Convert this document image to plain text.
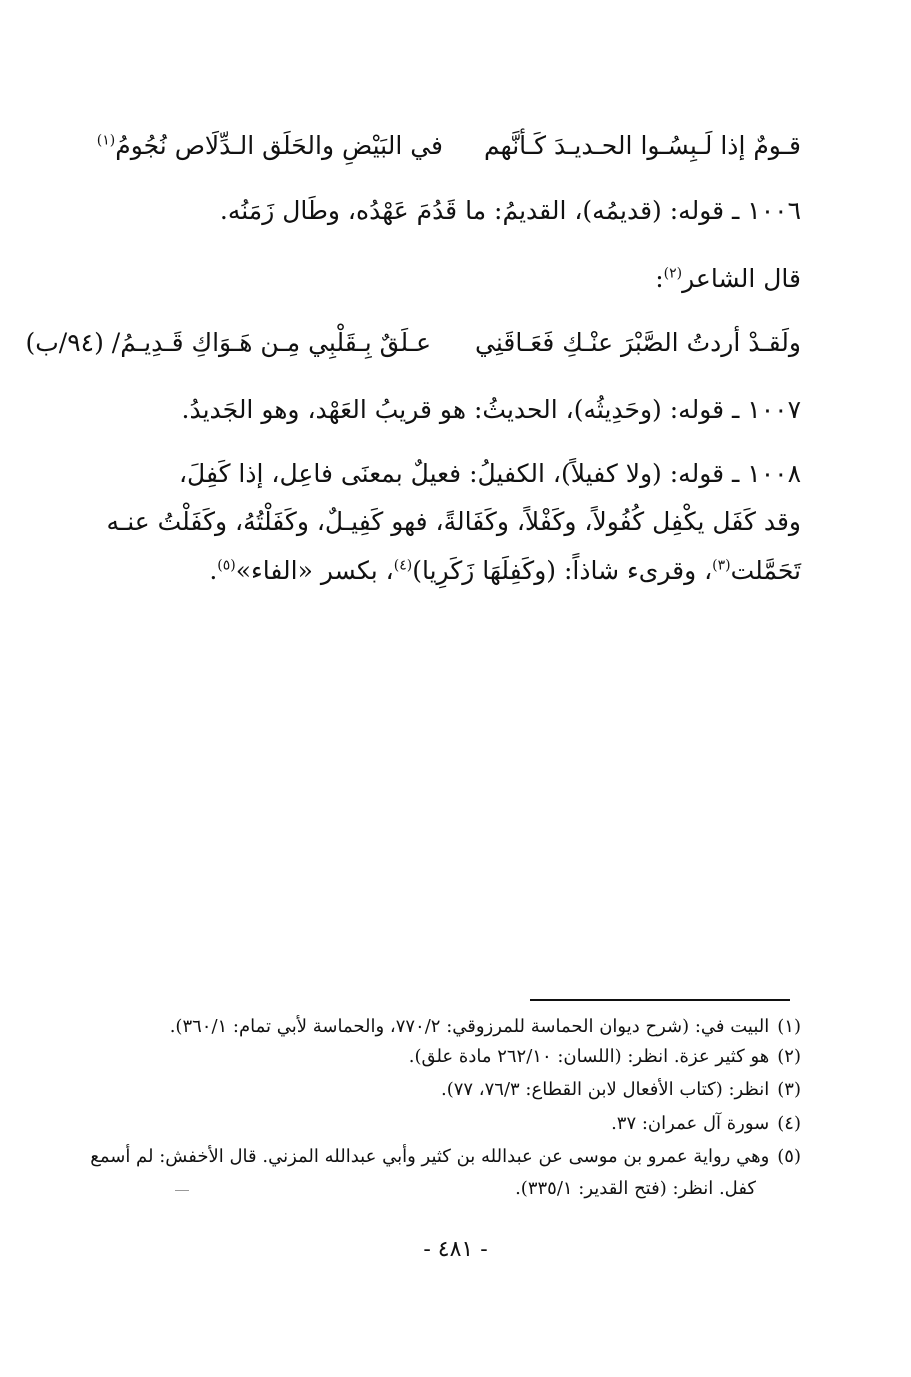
قـومٌ إذا لَـبِسُـوا الحـديـدَ كَـأنَّهم
في البَيْضِ والحَلَق الـدِّلَاص نُجُومُ$^{(١)}$
١٠٠٦ ـ قوله: (قديمُه)، القديمُ: ما قَدُمَ عَهْدُه، وطَال زَمَنُه.
قال الشاعر$^{(٢)}$:
ولَقـدْ أردتُ الصَّبْرَ عنْـكِ فَعَـاقَنِي
عـلَقٌ بِـقَلْبِي مِـن هَـوَاكِ قَـدِيـمُ/ (٩٤/ب)
١٠٠٧ ـ قوله: (وحَدِيثُه)، الحديثُ: هو قريبُ العَهْد، وهو الجَديدُ.
١٠٠٨ ـ قوله: (ولا كفيلاً)، الكفيلُ: فعيلٌ بمعنَى فاعِل، إذا كَفِلَ،
وقد كَفَل يكْفِل كُفُولاً، وكَفْلاً، وكَفَالةً، فهو كَفِيـلٌ، وكَفَلْتُهُ، وكَفَلْتُ عنـه
تَحَمَّلت$^{(٣)}$، وقرىء شاذاً: (وكَفِلَهَا زَكَرِيا)$^{(٤)}$، بكسر «الفاء»$^{(٥)}$.
(١)البيت في: (شرح ديوان الحماسة للمرزوقي: ٧٧٠/٢، والحماسة لأبي تمام: ٣٦٠/١).
(٢)هو كثير عزة. انظر: (اللسان: ٢٦٢/١٠ مادة علق).
(٣)انظر: (كتاب الأفعال لابن القطاع: ٧٦/٣، ٧٧).
(٤)سورة آل عمران: ٣٧.
(٥)وهي رواية عمرو بن موسى عن عبدالله بن كثير وأبي عبدالله المزني. قال الأخفش: لم أسمع
كفل. انظر: (فتح القدير: ٣٣٥/١).
- ٤٨١ -
